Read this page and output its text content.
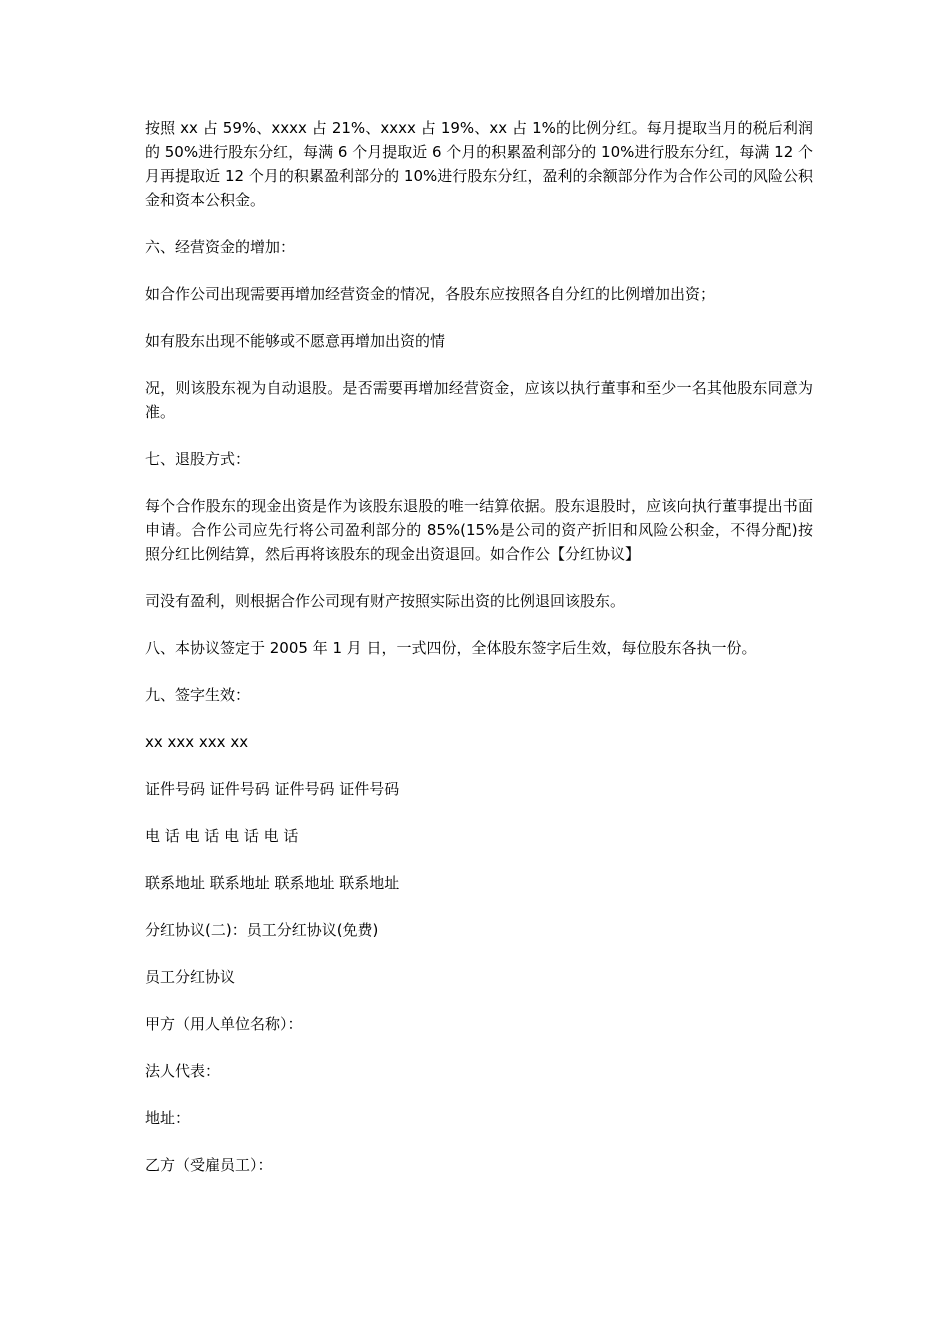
按照 xx 占 59%、xxxx 占 21%、xxxx 占 19%、xx 占 1%的比例分红。每月提取当月的税后利润的 50%进行股东分红，每满 6 个月提取近 6 个月的积累盈利部分的 10%进行股东分红，每满 12 个月再提取近 12 个月的积累盈利部分的 10%进行股东分红，盈利的余额部分作为合作公司的风险公积金和资本公积金。

六、经营资金的增加：

如合作公司出现需要再增加经营资金的情况，各股东应按照各自分红的比例增加出资；

如有股东出现不能够或不愿意再增加出资的情

况，则该股东视为自动退股。是否需要再增加经营资金，应该以执行董事和至少一名其他股东同意为准。

七、退股方式：

每个合作股东的现金出资是作为该股东退股的唯一结算依据。股东退股时，应该向执行董事提出书面申请。合作公司应先行将公司盈利部分的 85%(15%是公司的资产折旧和风险公积金，不得分配)按照分红比例结算，然后再将该股东的现金出资退回。如合作公【分红协议】

司没有盈利，则根据合作公司现有财产按照实际出资的比例退回该股东。

八、本协议签定于 2005 年 1 月 日，一式四份，全体股东签字后生效，每位股东各执一份。

九、签字生效：

xx xxx xxx xx

证件号码 证件号码 证件号码 证件号码

电 话 电 话 电 话 电 话

联系地址 联系地址 联系地址 联系地址

分红协议(二)：员工分红协议(免费)

员工分红协议

甲方（用人单位名称）：

法人代表：

地址：

乙方（受雇员工）：
